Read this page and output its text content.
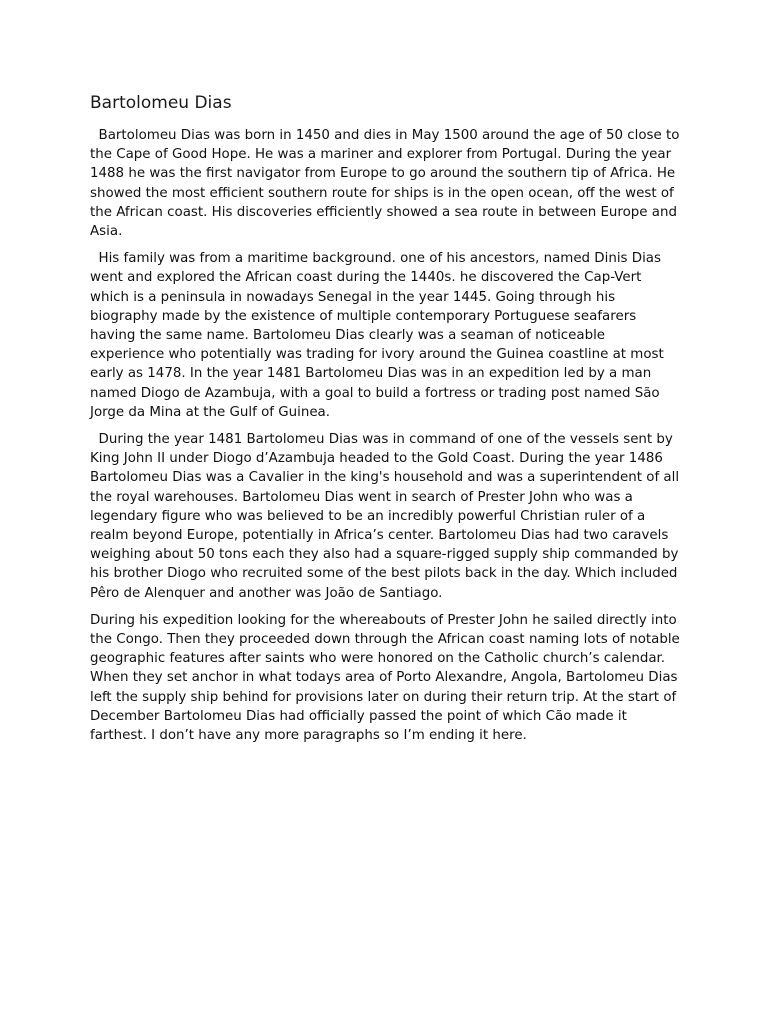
Bartolomeu Dias

Bartolomeu Dias was born in 1450 and dies in May 1500 around the age of 50 close to the Cape of Good Hope. He was a mariner and explorer from Portugal. During the year 1488 he was the first navigator from Europe to go around the southern tip of Africa. He showed the most efficient southern route for ships is in the open ocean, off the west of the African coast. His discoveries efficiently showed a sea route in between Europe and Asia.

His family was from a maritime background. one of his ancestors, named Dinis Dias went and explored the African coast during the 1440s. he discovered the Cap-Vert which is a peninsula in nowadays Senegal in the year 1445. Going through his biography made by the existence of multiple contemporary Portuguese seafarers having the same name. Bartolomeu Dias clearly was a seaman of noticeable experience who potentially was trading for ivory around the Guinea coastline at most early as 1478. In the year 1481 Bartolomeu Dias was in an expedition led by a man named Diogo de Azambuja, with a goal to build a fortress or trading post named São Jorge da Mina at the Gulf of Guinea.

During the year 1481 Bartolomeu Dias was in command of one of the vessels sent by King John II under Diogo d’Azambuja headed to the Gold Coast. During the year 1486 Bartolomeu Dias was a Cavalier in the king's household and was a superintendent of all the royal warehouses. Bartolomeu Dias went in search of Prester John who was a legendary figure who was believed to be an incredibly powerful Christian ruler of a realm beyond Europe, potentially in Africa’s center. Bartolomeu Dias had two caravels weighing about 50 tons each they also had a square-rigged supply ship commanded by his brother Diogo who recruited some of the best pilots back in the day. Which included Pêro de Alenquer and another was João de Santiago.

During his expedition looking for the whereabouts of Prester John he sailed directly into the Congo. Then they proceeded down through the African coast naming lots of notable geographic features after saints who were honored on the Catholic church’s calendar. When they set anchor in what todays area of Porto Alexandre, Angola, Bartolomeu Dias left the supply ship behind for provisions later on during their return trip. At the start of December Bartolomeu Dias had officially passed the point of which Cão made it farthest. I don’t have any more paragraphs so I’m ending it here.
